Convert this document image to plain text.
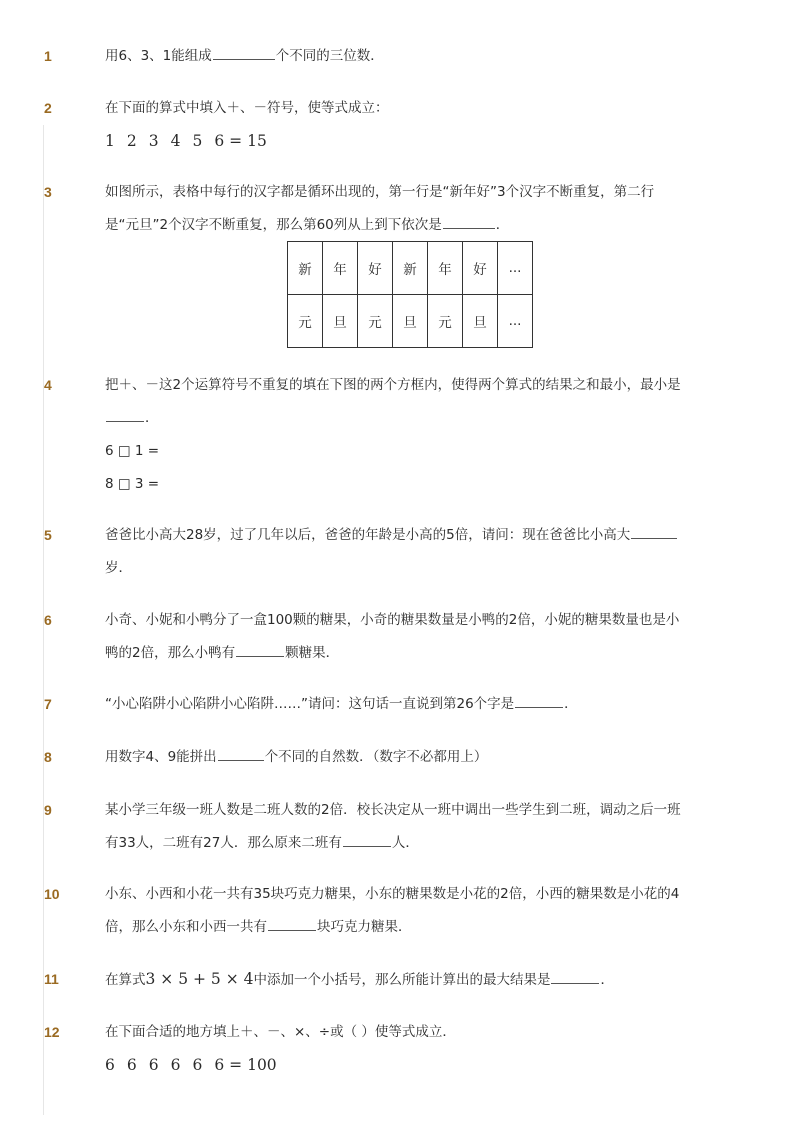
1	用6、3、1能组成	个不同的三位数．
2	在下面的算式中填入＋、－符号，使等式成立：
1 2 3 4 5 6 = 15
3	如图所示，表格中每行的汉字都是循环出现的，第一行是“新年好”3个汉字不断重复，第二行
是“元旦”2个汉字不断重复，那么第60列从上到下依次是	．
新	年	好	新	年	好	...
元	旦	元	旦	元	旦	...
4	把＋、－这2个运算符号不重复的填在下图的两个方框内，使得两个算式的结果之和最小，最小是
．
6 □ 1 =
8 □ 3 =
5	爸爸比小高大28岁，过了几年以后，爸爸的年龄是小高的5倍，请问：现在爸爸比小高大
岁．
6	小奇、小妮和小鸭分了一盒100颗的糖果，小奇的糖果数量是小鸭的2倍，小妮的糖果数量也是小
鸭的2倍，那么小鸭有	颗糖果．
7	“小心陷阱小心陷阱小心陷阱……”请问：这句话一直说到第26个字是	．
8	用数字4、9能拼出	个不同的自然数．（数字不必都用上）
9	某小学三年级一班人数是二班人数的2倍．校长决定从一班中调出一些学生到二班，调动之后一班
有33人，二班有27人．那么原来二班有	人．
10	小东、小西和小花一共有35块巧克力糖果，小东的糖果数是小花的2倍，小西的糖果数是小花的4
倍，那么小东和小西一共有	块巧克力糖果．
11	在算式3 × 5 + 5 × 4中添加一个小括号，那么所能计算出的最大结果是	．
12	在下面合适的地方填上＋、－、×、÷或（ ）使等式成立．
6 6 6 6 6 6 = 100
